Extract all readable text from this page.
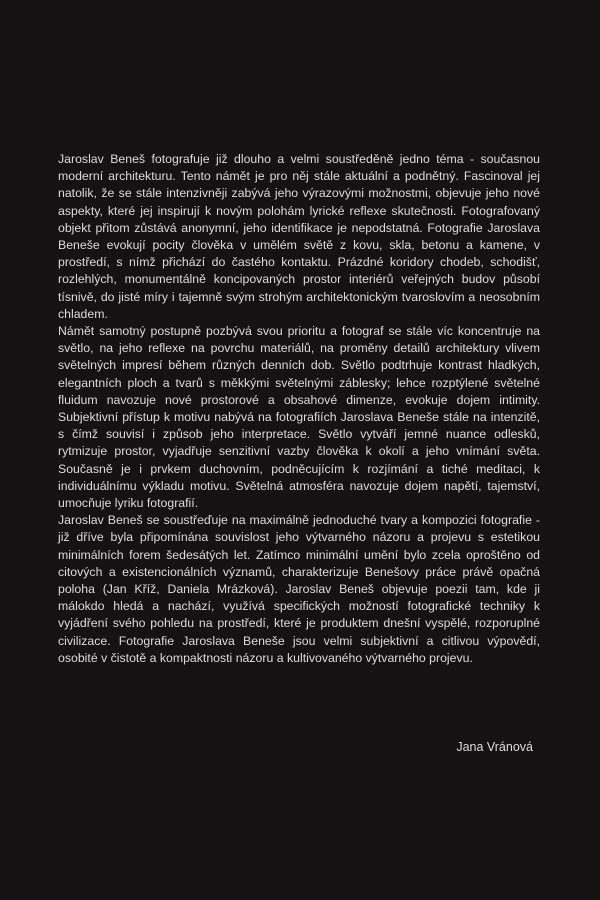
Jaroslav Beneš fotografuje již dlouho a velmi soustředěně jedno téma - současnou moderní architekturu. Tento námět je pro něj stále aktuální a podnětný. Fascinoval jej natolik, že se stále intenzivněji zabývá jeho výrazovými možnostmi, objevuje jeho nové aspekty, které jej inspirují k novým polohám lyrické reflexe skutečnosti. Fotografovaný objekt přitom zůstává anonymní, jeho identifikace je nepodstatná. Fotografie Jaroslava Beneše evokují pocity člověka v umělém světě z kovu, skla, betonu a kamene, v prostředí, s nímž přichází do častého kontaktu. Prázdné koridory chodeb, schodišť, rozlehlých, monumentálně koncipovaných prostor interiérů veřejných budov působí tísnivě, do jisté míry i tajemně svým strohým architektonickým tvaroslovím a neosobním chladem.

Námět samotný postupně pozbývá svou prioritu a fotograf se stále víc koncentruje na světlo, na jeho reflexe na povrchu materiálů, na proměny detailů architektury vlivem světelných impresí během různých denních dob. Světlo podtrhuje kontrast hladkých, elegantních ploch a tvarů s měkkými světelnými záblesky; lehce rozptýlené světelné fluidum navozuje nové prostorové a obsahové dimenze, evokuje dojem intimity. Subjektivní přístup k motivu nabývá na fotografiích Jaroslava Beneše stále na intenzitě, s čímž souvisí i způsob jeho interpretace. Světlo vytváří jemné nuance odlesků, rytmizuje prostor, vyjadřuje senzitivní vazby člověka k okolí a jeho vnímání světa. Současně je i prvkem duchovním, podněcujícím k rozjímání a tiché meditaci, k individuálnímu výkladu motivu. Světelná atmosféra navozuje dojem napětí, tajemství, umocňuje lyriku fotografií.

Jaroslav Beneš se soustřeďuje na maximálně jednoduché tvary a kompozici fotografie - již dříve byla připomínána souvislost jeho výtvarného názoru a projevu s estetikou minimálních forem šedesátých let. Zatímco minimální umění bylo zcela oproštěno od citových a existencionálních významů, charakterizuje Benešovy práce právě opačná poloha (Jan Kříž, Daniela Mrázková). Jaroslav Beneš objevuje poezii tam, kde ji málokdo hledá a nachází, využívá specifických možností fotografické techniky k vyjádření svého pohledu na prostředí, které je produktem dnešní vyspělé, rozporuplné civilizace. Fotografie Jaroslava Beneše jsou velmi subjektivní a citlivou výpovědí, osobité v čistotě a kompaktnosti názoru a kultivovaného výtvarného projevu.

Jana Vránová
